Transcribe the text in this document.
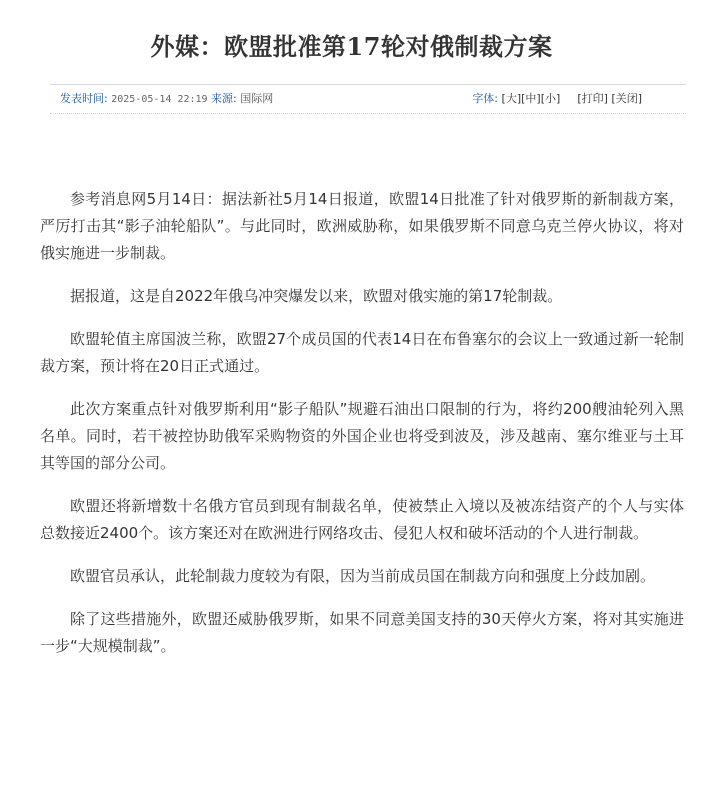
外媒：欧盟批准第17轮对俄制裁方案
发表时间: 2025-05-14 22:19 来源: 国际网	字体: [大][中][小] [打印] [关闭]

参考消息网5月14日：据法新社5月14日报道，欧盟14日批准了针对俄罗斯的新制裁方案，严厉打击其“影子油轮船队”。与此同时，欧洲威胁称，如果俄罗斯不同意乌克兰停火协议，将对俄实施进一步制裁。

据报道，这是自2022年俄乌冲突爆发以来，欧盟对俄实施的第17轮制裁。

欧盟轮值主席国波兰称，欧盟27个成员国的代表14日在布鲁塞尔的会议上一致通过新一轮制裁方案，预计将在20日正式通过。

此次方案重点针对俄罗斯利用“影子船队”规避石油出口限制的行为，将约200艘油轮列入黑名单。同时，若干被控协助俄军采购物资的外国企业也将受到波及，涉及越南、塞尔维亚与土耳其等国的部分公司。

欧盟还将新增数十名俄方官员到现有制裁名单，使被禁止入境以及被冻结资产的个人与实体总数接近2400个。该方案还对在欧洲进行网络攻击、侵犯人权和破坏活动的个人进行制裁。

欧盟官员承认，此轮制裁力度较为有限，因为当前成员国在制裁方向和强度上分歧加剧。

除了这些措施外，欧盟还威胁俄罗斯，如果不同意美国支持的30天停火方案，将对其实施进一步“大规模制裁”。
